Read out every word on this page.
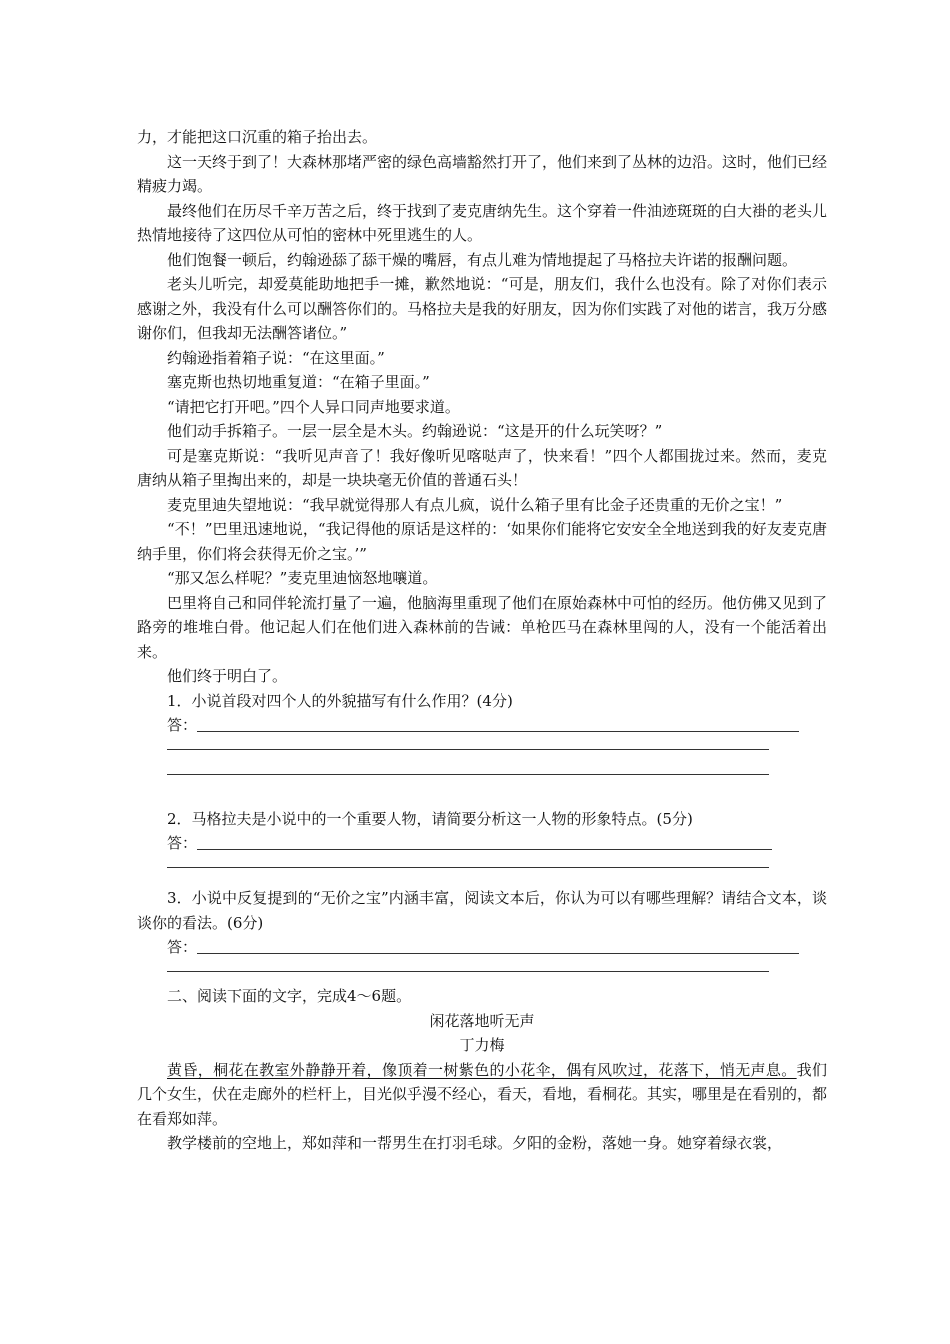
力，才能把这口沉重的箱子抬出去。

这一天终于到了！大森林那堵严密的绿色高墙豁然打开了，他们来到了丛林的边沿。这时，他们已经精疲力竭。

最终他们在历尽千辛万苦之后，终于找到了麦克唐纳先生。这个穿着一件油迹斑斑的白大褂的老头儿热情地接待了这四位从可怕的密林中死里逃生的人。

他们饱餐一顿后，约翰逊舔了舔干燥的嘴唇，有点儿难为情地提起了马格拉夫许诺的报酬问题。

老头儿听完，却爱莫能助地把手一摊，歉然地说：“可是，朋友们，我什么也没有。除了对你们表示感谢之外，我没有什么可以酬答你们的。马格拉夫是我的好朋友，因为你们实践了对他的诺言，我万分感谢你们，但我却无法酬答诸位。”

约翰逊指着箱子说：“在这里面。”

塞克斯也热切地重复道：“在箱子里面。”

“请把它打开吧。”四个人异口同声地要求道。

他们动手拆箱子。一层一层全是木头。约翰逊说：“这是开的什么玩笑呀？”

可是塞克斯说：“我听见声音了！我好像听见喀哒声了，快来看！”四个人都围拢过来。然而，麦克唐纳从箱子里掏出来的，却是一块块毫无价值的普通石头！

麦克里迪失望地说：“我早就觉得那人有点儿疯，说什么箱子里有比金子还贵重的无价之宝！”

“不！”巴里迅速地说，“我记得他的原话是这样的：‘如果你们能将它安安全全地送到我的好友麦克唐纳手里，你们将会获得无价之宝。’”

“那又怎么样呢？”麦克里迪恼怒地嚷道。

巴里将自己和同伴轮流打量了一遍，他脑海里重现了他们在原始森林中可怕的经历。他仿佛又见到了路旁的堆堆白骨。他记起人们在他们进入森林前的告诫：单枪匹马在森林里闯的人，没有一个能活着出来。

他们终于明白了。

1．小说首段对四个人的外貌描写有什么作用？(4分)

答：

2．马格拉夫是小说中的一个重要人物，请简要分析这一人物的形象特点。(5分)

答：

3．小说中反复提到的“无价之宝”内涵丰富，阅读文本后，你认为可以有哪些理解？请结合文本，谈谈你的看法。(6分)

答：

二、阅读下面的文字，完成4～6题。

闲花落地听无声
丁力梅

黄昏，桐花在教室外静静开着，像顶着一树紫色的小花伞，偶有风吹过，花落下，悄无声息。我们几个女生，伏在走廊外的栏杆上，目光似乎漫不经心，看天，看地，看桐花。其实，哪里是在看别的，都在看郑如萍。

教学楼前的空地上，郑如萍和一帮男生在打羽毛球。夕阳的金粉，落她一身。她穿着绿衣裳，
